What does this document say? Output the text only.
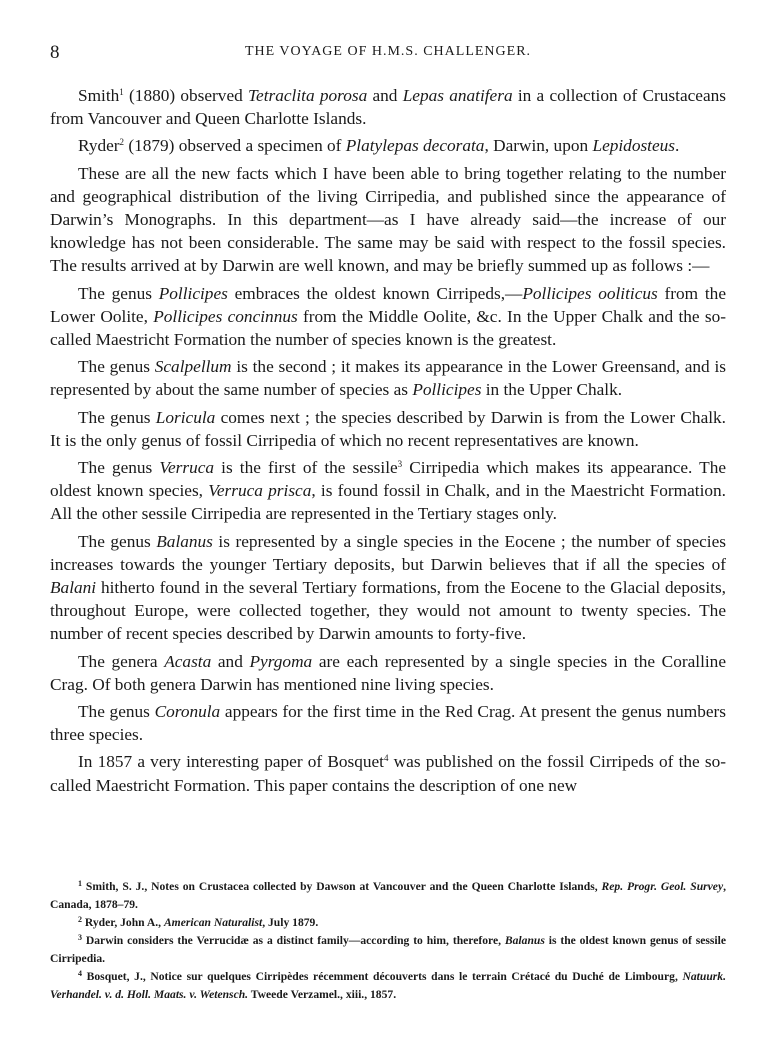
8	THE VOYAGE OF H.M.S. CHALLENGER.

Smith$^1$ (1880) observed Tetraclita porosa and Lepas anatifera in a collection of Crustaceans from Vancouver and Queen Charlotte Islands.

Ryder$^2$ (1879) observed a specimen of Platylepas decorata, Darwin, upon Lepidosteus.

These are all the new facts which I have been able to bring together relating to the number and geographical distribution of the living Cirripedia, and published since the appearance of Darwin’s Monographs. In this department—as I have already said—the increase of our knowledge has not been considerable. The same may be said with respect to the fossil species. The results arrived at by Darwin are well known, and may be briefly summed up as follows :—

The genus Pollicipes embraces the oldest known Cirripeds,—Pollicipes ooliticus from the Lower Oolite, Pollicipes concinnus from the Middle Oolite, &c. In the Upper Chalk and the so-called Maestricht Formation the number of species known is the greatest.

The genus Scalpellum is the second ; it makes its appearance in the Lower Greensand, and is represented by about the same number of species as Pollicipes in the Upper Chalk.

The genus Loricula comes next ; the species described by Darwin is from the Lower Chalk. It is the only genus of fossil Cirripedia of which no recent representatives are known.

The genus Verruca is the first of the sessile$^3$ Cirripedia which makes its appearance. The oldest known species, Verruca prisca, is found fossil in Chalk, and in the Maestricht Formation. All the other sessile Cirripedia are represented in the Tertiary stages only.

The genus Balanus is represented by a single species in the Eocene ; the number of species increases towards the younger Tertiary deposits, but Darwin believes that if all the species of Balani hitherto found in the several Tertiary formations, from the Eocene to the Glacial deposits, throughout Europe, were collected together, they would not amount to twenty species. The number of recent species described by Darwin amounts to forty-five.

The genera Acasta and Pyrgoma are each represented by a single species in the Coralline Crag. Of both genera Darwin has mentioned nine living species.

The genus Coronula appears for the first time in the Red Crag. At present the genus numbers three species.

In 1857 a very interesting paper of Bosquet$^4$ was published on the fossil Cirripeds of the so-called Maestricht Formation. This paper contains the description of one new

$^1$ Smith, S. J., Notes on Crustacea collected by Dawson at Vancouver and the Queen Charlotte Islands, Rep. Progr. Geol. Survey, Canada, 1878–79.

$^2$ Ryder, John A., American Naturalist, July 1879.

$^3$ Darwin considers the Verrucidæ as a distinct family—according to him, therefore, Balanus is the oldest known genus of sessile Cirripedia.

$^4$ Bosquet, J., Notice sur quelques Cirripèdes récemment découverts dans le terrain Crétacé du Duché de Limbourg, Natuurk. Verhandel. v. d. Holl. Maats. v. Wetensch. Tweede Verzamel., xiii., 1857.
